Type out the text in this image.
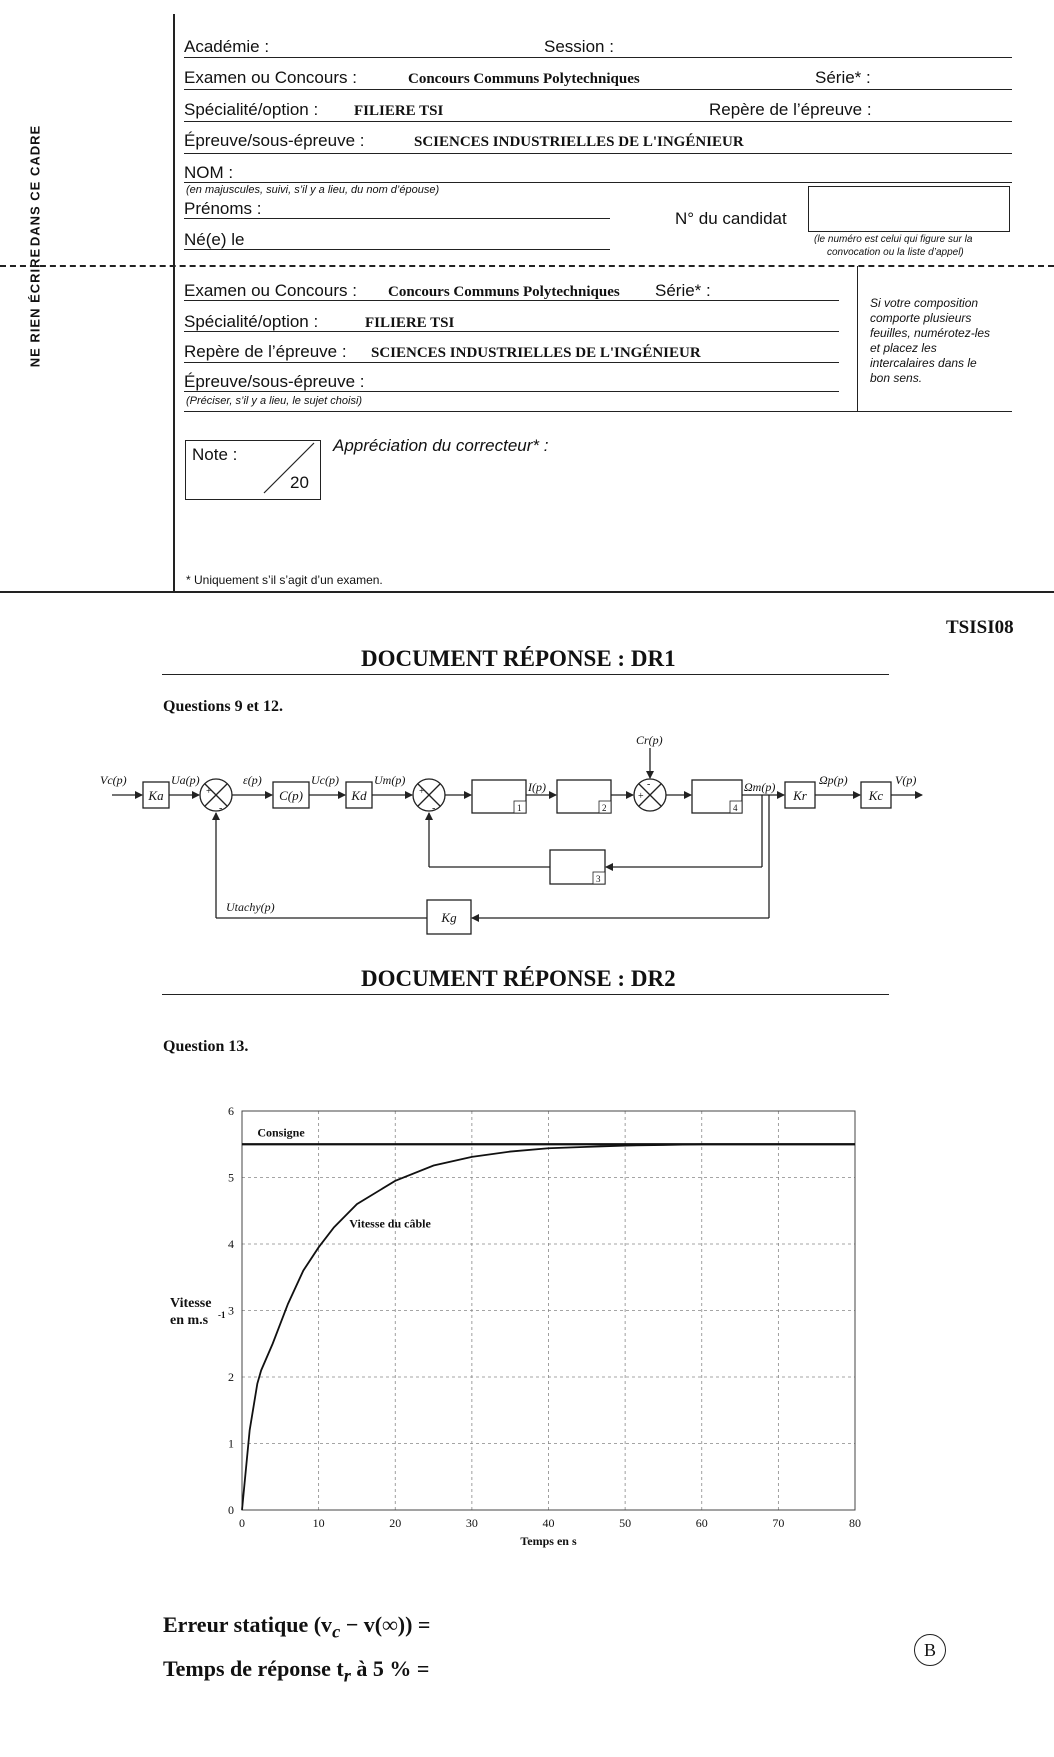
DANS CE CADRE
NE RIEN ÉCRIRE
Académie :	Session :
Examen ou Concours :	Concours Communs Polytechniques	Série* :
Spécialité/option : FILIERE TSI	Repère de l’épreuve :
Épreuve/sous-épreuve :	SCIENCES INDUSTRIELLES DE L'INGÉNIEUR
NOM :
(en majuscules, suivi, s’il y a lieu, du nom d’épouse)
Prénoms :
N° du candidat
(le numéro est celui qui figure sur la
convocation ou la liste d’appel)
Né(e) le
Examen ou Concours : Concours Communs Polytechniques Série* :
Spécialité/option :	FILIERE TSI
Repère de l’épreuve : SCIENCES INDUSTRIELLES DE L'INGÉNIEUR
Épreuve/sous-épreuve :
(Préciser, s’il y a lieu, le sujet choisi)
Si votre composition
comporte plusieurs
feuilles, numérotez-les
et placez les
intercalaires dans le
bon sens.
Note :
20
Appréciation du correcteur* :
* Uniquement s’il s’agit d’un examen.
TSISI08
DOCUMENT RÉPONSE : DR1
Questions 9 et 12.
Vc(p)	Ua(p)	ε(p)	Uc(p)	Um(p)	I(p)
Cr(p)
Ωm(p)	Ωp(p)	V(p)
Utachy(p)
Ka	C(p)	Kd	Kr	Kc
Kg
1	2
3
4
+
-
+
-
+
-
DOCUMENT RÉPONSE : DR2
Question 13.
0	10	20	30	40	50	60	70	80
0
1
2
3
4
5
6
Temps en s
Vitesse
en m.s -1
Consigne
Vitesse du câble
Erreur statique $(v_c - v(\infty))$ =
Temps de réponse $t_r$ à 5 % =
B
